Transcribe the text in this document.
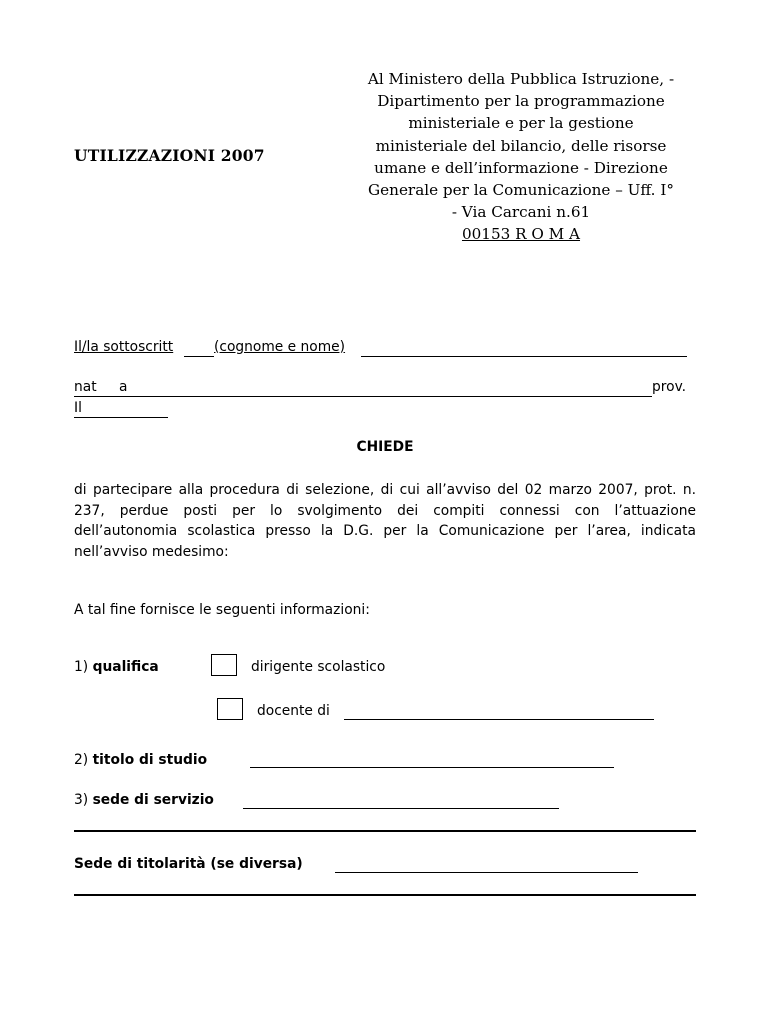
UTILIZZAZIONI 2007
Al Ministero della Pubblica Istruzione, -
Dipartimento per la programmazione
ministeriale e per la gestione
ministeriale del bilancio, delle risorse
umane e dell’informazione - Direzione
Generale per la Comunicazione – Uff. I°
- Via Carcani n.61
00153 R O M A
Il/la sottoscritt	(cognome e nome)
nat a	prov.
Il
CHIEDE
di partecipare alla procedura di selezione, di cui all’avviso del 02 marzo 2007, prot. n. 237, perdue posti per lo svolgimento dei compiti connessi con l’attuazione dell’autonomia scolastica presso la D.G. per la Comunicazione per l’area, indicata nell’avviso medesimo:
A tal fine fornisce le seguenti informazioni:
1) qualifica	dirigente scolastico
docente di
2) titolo di studio
3) sede di servizio
Sede di titolarità (se diversa)
